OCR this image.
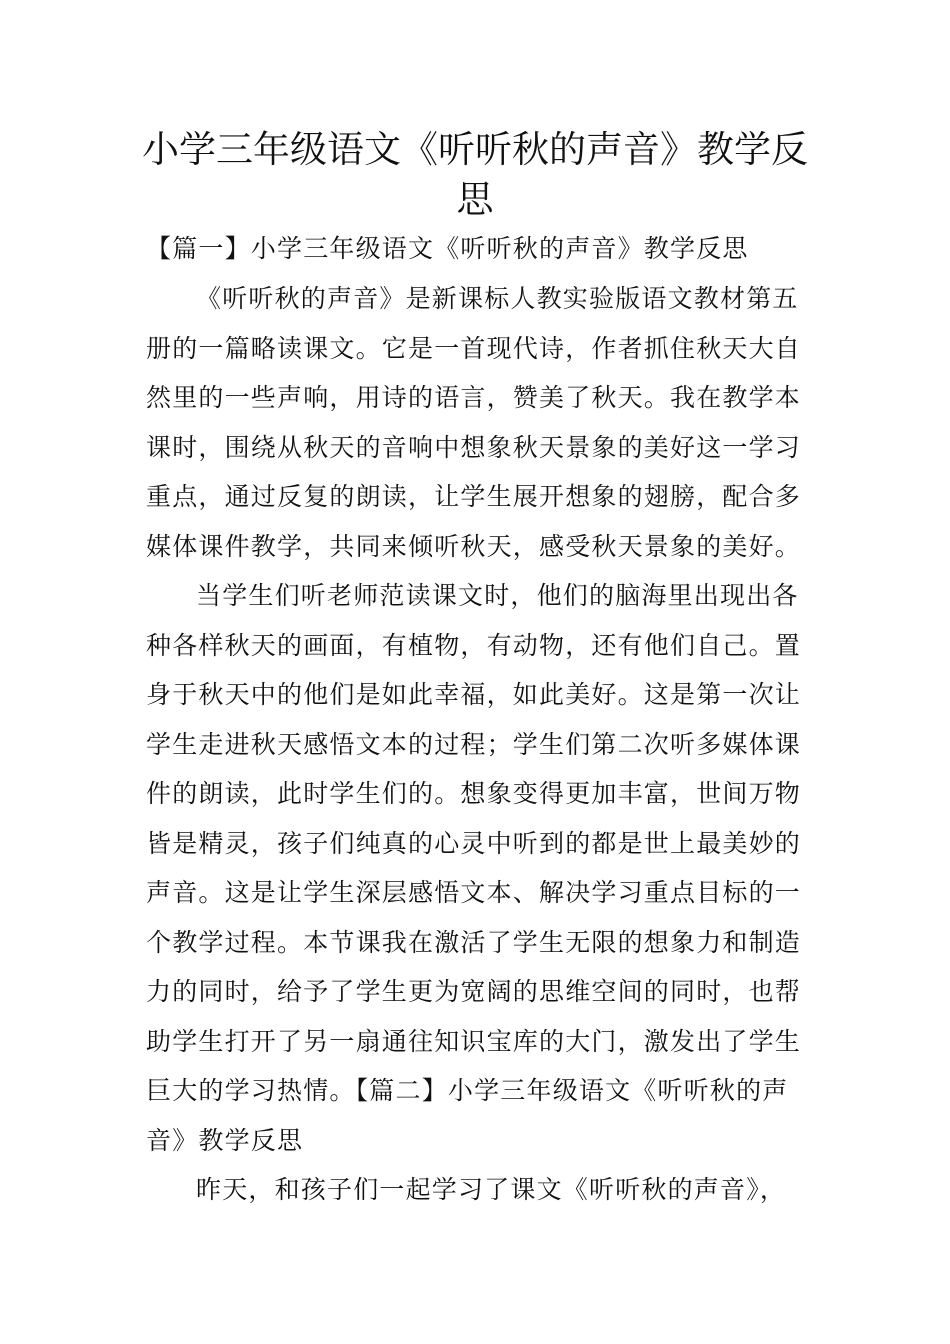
小学三年级语文《听听秋的声音》教学反
思

【篇一】小学三年级语文《听听秋的声音》教学反思

《听听秋的声音》是新课标人教实验版语文教材第五册的一篇略读课文。它是一首现代诗，作者抓住秋天大自然里的一些声响，用诗的语言，赞美了秋天。我在教学本课时，围绕从秋天的音响中想象秋天景象的美好这一学习重点，通过反复的朗读，让学生展开想象的翅膀，配合多媒体课件教学，共同来倾听秋天，感受秋天景象的美好。

当学生们听老师范读课文时，他们的脑海里出现出各种各样秋天的画面，有植物，有动物，还有他们自己。置身于秋天中的他们是如此幸福，如此美好。这是第一次让学生走进秋天感悟文本的过程；学生们第二次听多媒体课件的朗读，此时学生们的。想象变得更加丰富，世间万物皆是精灵，孩子们纯真的心灵中听到的都是世上最美妙的声音。这是让学生深层感悟文本、解决学习重点目标的一个教学过程。本节课我在激活了学生无限的想象力和制造力的同时，给予了学生更为宽阔的思维空间的同时，也帮助学生打开了另一扇通往知识宝库的大门，激发出了学生巨大的学习热情。【篇二】小学三年级语文《听听秋的声音》教学反思

昨天，和孩子们一起学习了课文《听听秋的声音》，
